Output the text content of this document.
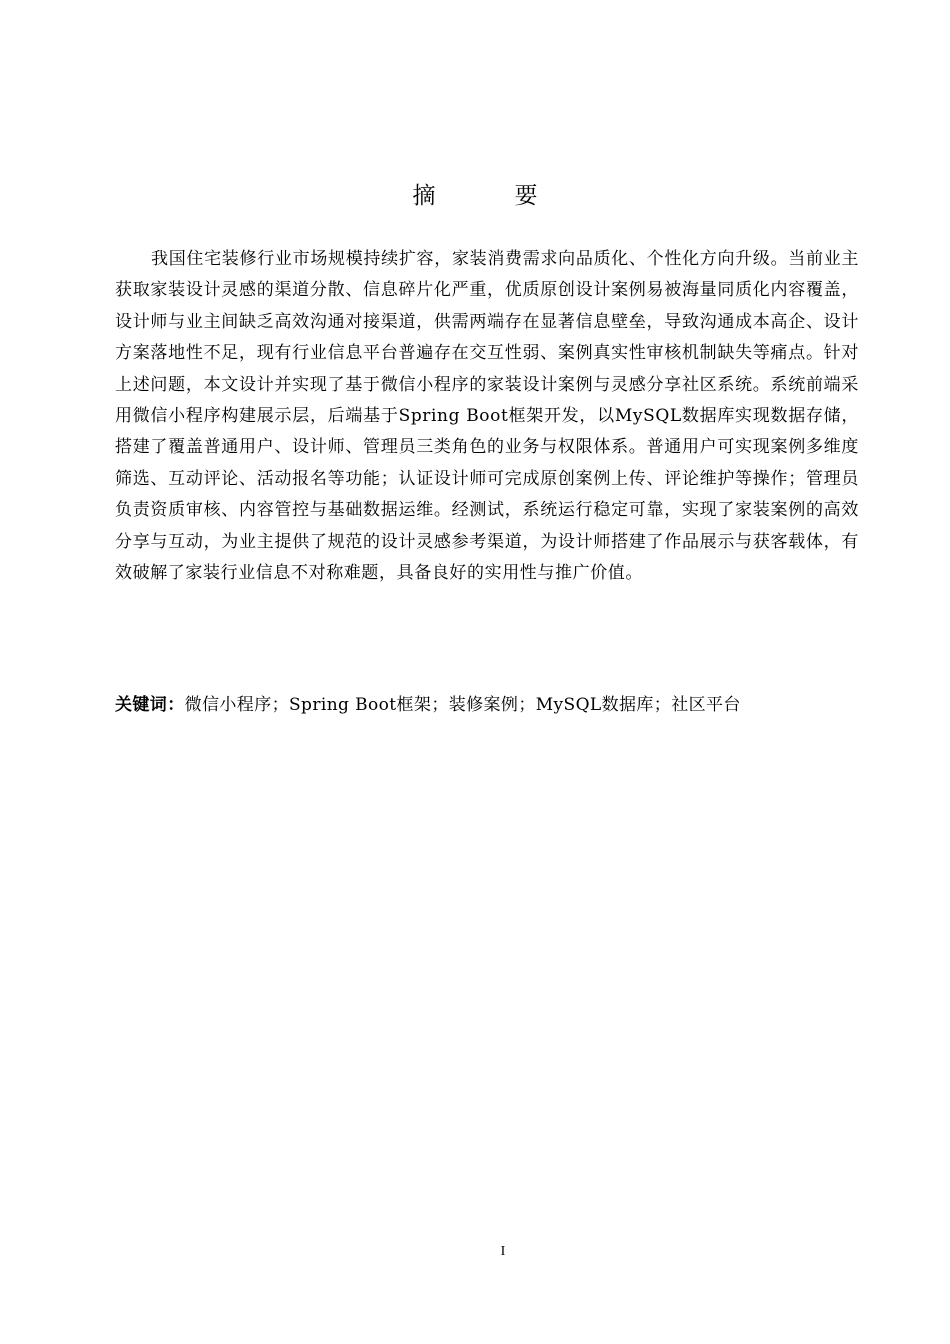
摘　要

我国住宅装修行业市场规模持续扩容，家装消费需求向品质化、个性化方向升级。当前业主获取家装设计灵感的渠道分散、信息碎片化严重，优质原创设计案例易被海量同质化内容覆盖，设计师与业主间缺乏高效沟通对接渠道，供需两端存在显著信息壁垒，导致沟通成本高企、设计方案落地性不足，现有行业信息平台普遍存在交互性弱、案例真实性审核机制缺失等痛点。针对上述问题，本文设计并实现了基于微信小程序的家装设计案例与灵感分享社区系统。系统前端采用微信小程序构建展示层，后端基于Spring Boot框架开发，以MySQL数据库实现数据存储，搭建了覆盖普通用户、设计师、管理员三类角色的业务与权限体系。普通用户可实现案例多维度筛选、互动评论、活动报名等功能；认证设计师可完成原创案例上传、评论维护等操作；管理员负责资质审核、内容管控与基础数据运维。经测试，系统运行稳定可靠，实现了家装案例的高效分享与互动，为业主提供了规范的设计灵感参考渠道，为设计师搭建了作品展示与获客载体，有效破解了家装行业信息不对称难题，具备良好的实用性与推广价值。

关键词：微信小程序；Spring Boot框架；装修案例；MySQL数据库；社区平台
I
